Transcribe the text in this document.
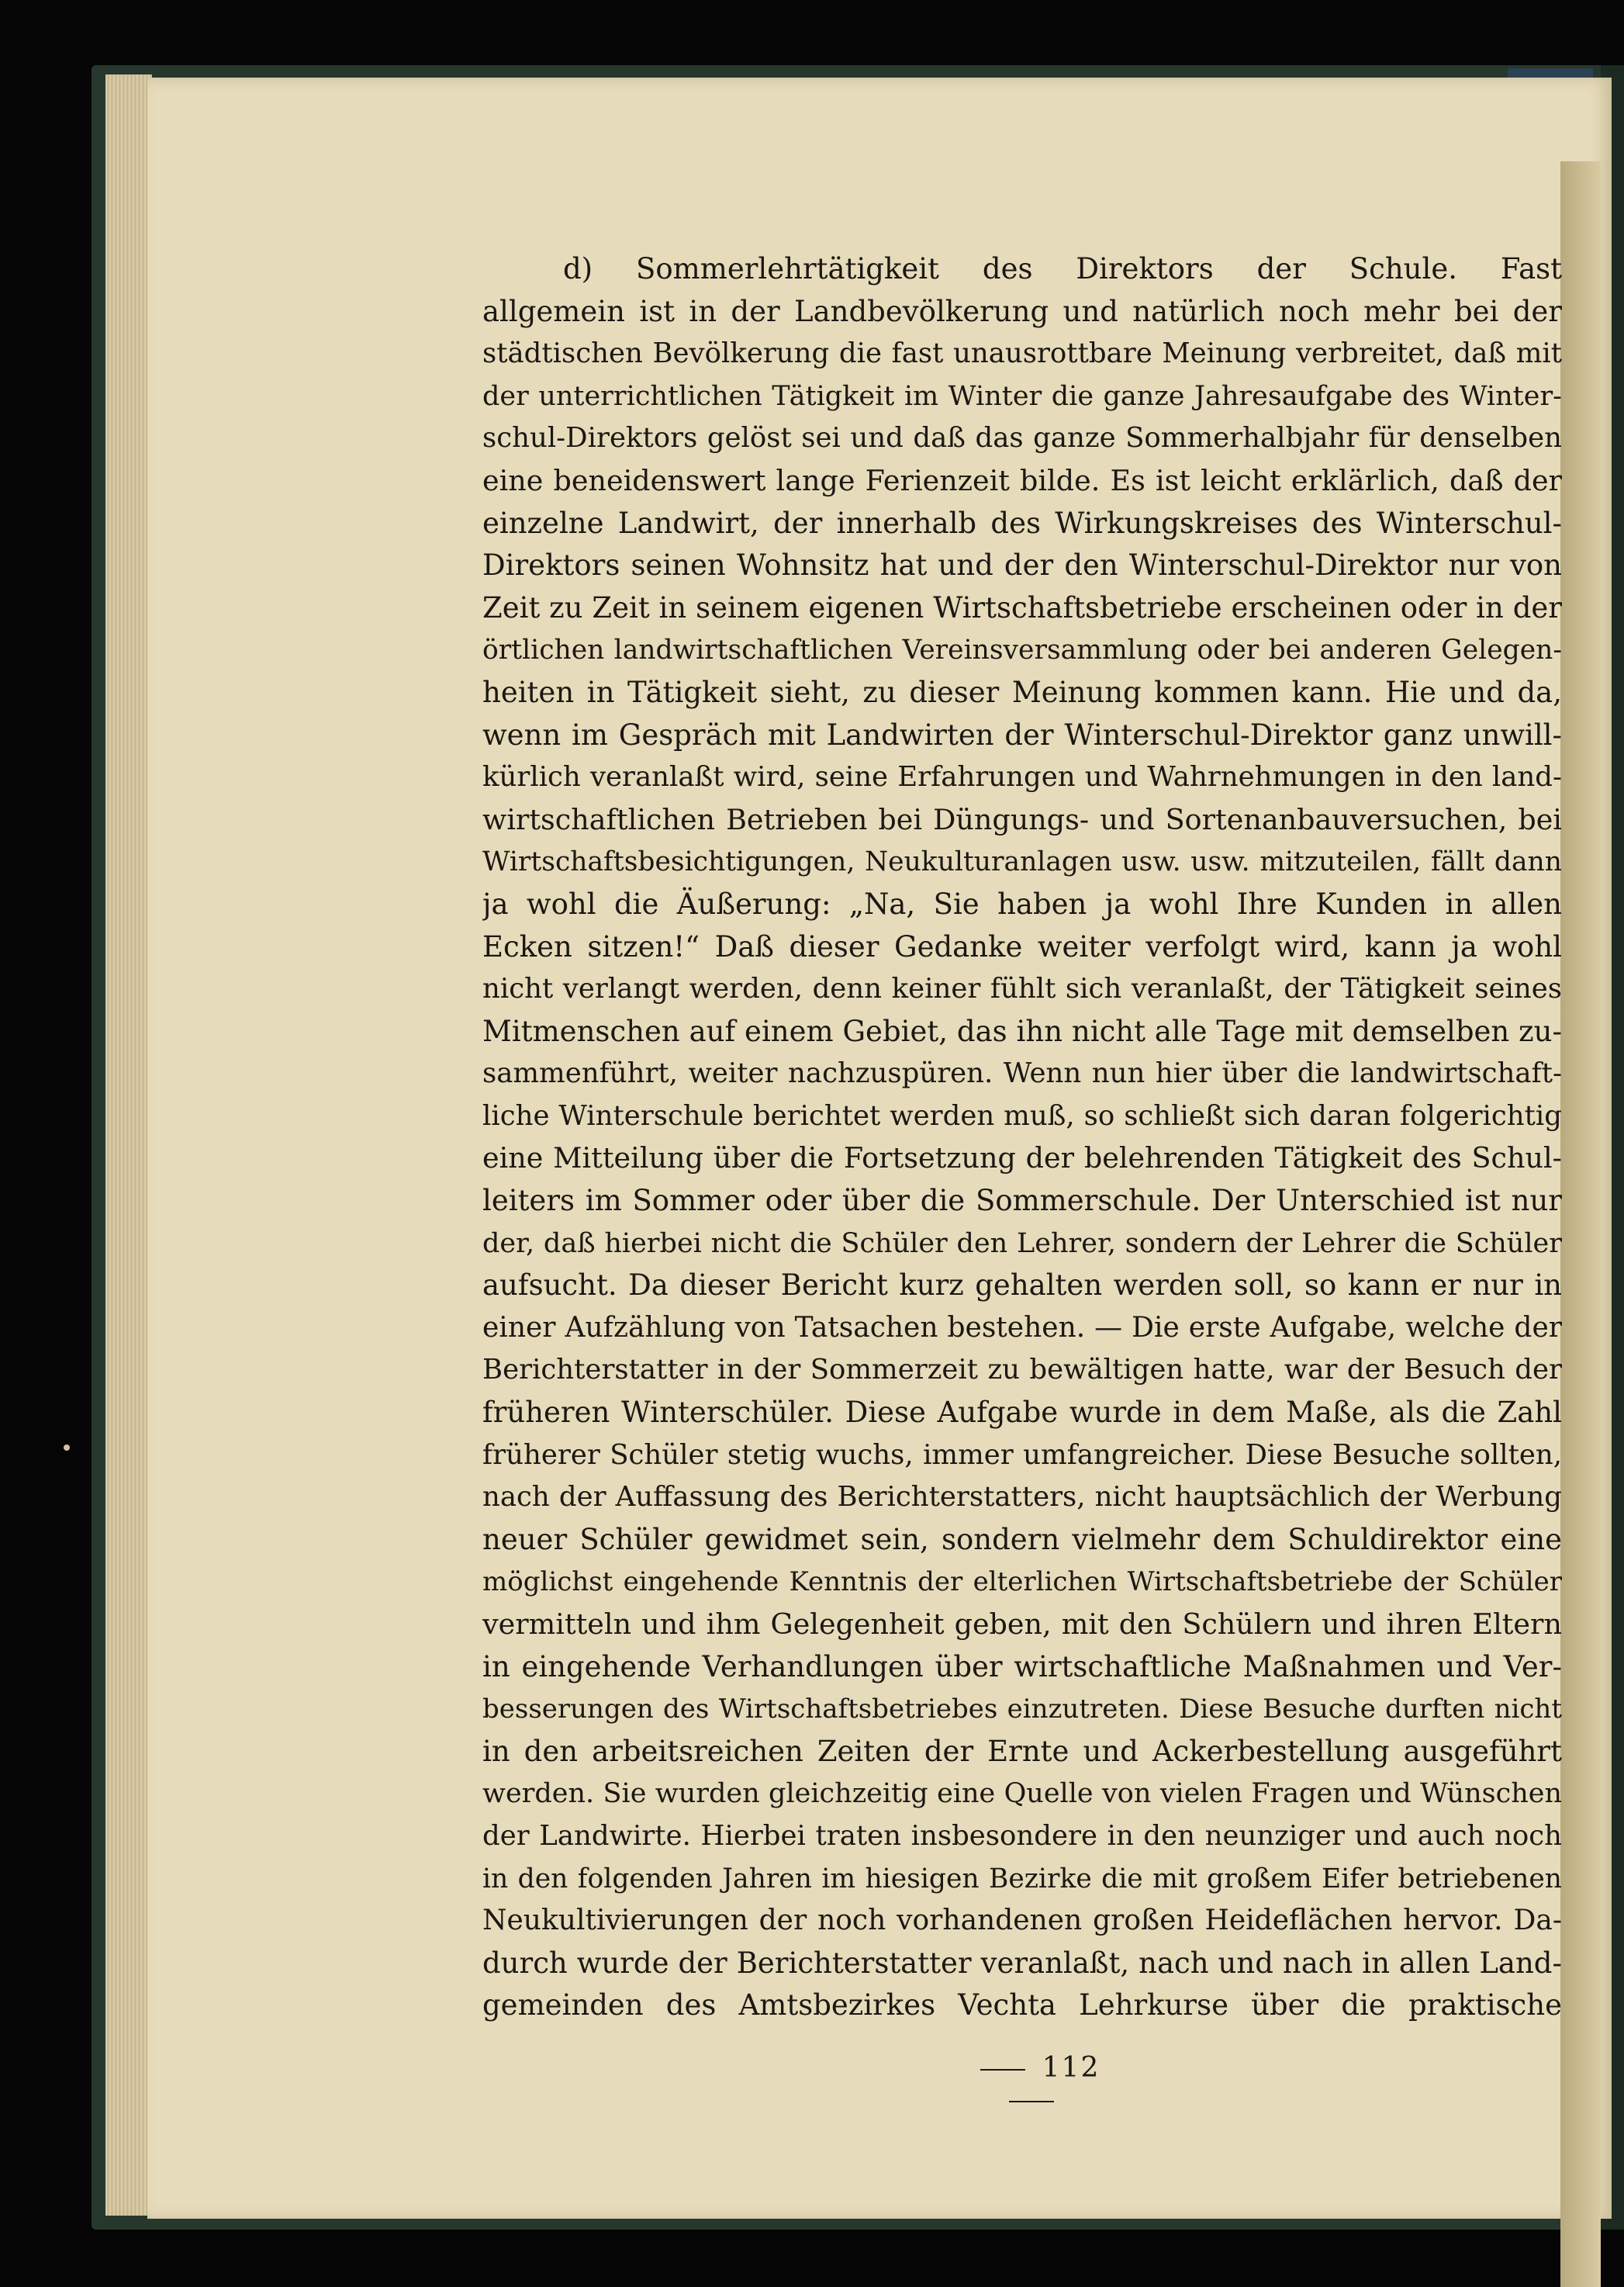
d) Sommerlehrtätigkeit des Direktors der Schule. Fast
allgemein ist in der Landbevölkerung und natürlich noch mehr bei der
städtischen Bevölkerung die fast unausrottbare Meinung verbreitet, daß mit
der unterrichtlichen Tätigkeit im Winter die ganze Jahresaufgabe des Winter-
schul-Direktors gelöst sei und daß das ganze Sommerhalbjahr für denselben
eine beneidenswert lange Ferienzeit bilde. Es ist leicht erklärlich, daß der
einzelne Landwirt, der innerhalb des Wirkungskreises des Winterschul-
Direktors seinen Wohnsitz hat und der den Winterschul-Direktor nur von
Zeit zu Zeit in seinem eigenen Wirtschaftsbetriebe erscheinen oder in der
örtlichen landwirtschaftlichen Vereinsversammlung oder bei anderen Gelegen-
heiten in Tätigkeit sieht, zu dieser Meinung kommen kann. Hie und da,
wenn im Gespräch mit Landwirten der Winterschul-Direktor ganz unwill-
kürlich veranlaßt wird, seine Erfahrungen und Wahrnehmungen in den land-
wirtschaftlichen Betrieben bei Düngungs- und Sortenanbauversuchen, bei
Wirtschaftsbesichtigungen, Neukulturanlagen usw. usw. mitzuteilen, fällt dann
ja wohl die Äußerung: „Na, Sie haben ja wohl Ihre Kunden in allen
Ecken sitzen!“ Daß dieser Gedanke weiter verfolgt wird, kann ja wohl
nicht verlangt werden, denn keiner fühlt sich veranlaßt, der Tätigkeit seines
Mitmenschen auf einem Gebiet, das ihn nicht alle Tage mit demselben zu-
sammenführt, weiter nachzuspüren. Wenn nun hier über die landwirtschaft-
liche Winterschule berichtet werden muß, so schließt sich daran folgerichtig
eine Mitteilung über die Fortsetzung der belehrenden Tätigkeit des Schul-
leiters im Sommer oder über die Sommerschule. Der Unterschied ist nur
der, daß hierbei nicht die Schüler den Lehrer, sondern der Lehrer die Schüler
aufsucht. Da dieser Bericht kurz gehalten werden soll, so kann er nur in
einer Aufzählung von Tatsachen bestehen. — Die erste Aufgabe, welche der
Berichterstatter in der Sommerzeit zu bewältigen hatte, war der Besuch der
früheren Winterschüler. Diese Aufgabe wurde in dem Maße, als die Zahl
früherer Schüler stetig wuchs, immer umfangreicher. Diese Besuche sollten,
nach der Auffassung des Berichterstatters, nicht hauptsächlich der Werbung
neuer Schüler gewidmet sein, sondern vielmehr dem Schuldirektor eine
möglichst eingehende Kenntnis der elterlichen Wirtschaftsbetriebe der Schüler
vermitteln und ihm Gelegenheit geben, mit den Schülern und ihren Eltern
in eingehende Verhandlungen über wirtschaftliche Maßnahmen und Ver-
besserungen des Wirtschaftsbetriebes einzutreten. Diese Besuche durften nicht
in den arbeitsreichen Zeiten der Ernte und Ackerbestellung ausgeführt
werden. Sie wurden gleichzeitig eine Quelle von vielen Fragen und Wünschen
der Landwirte. Hierbei traten insbesondere in den neunziger und auch noch
in den folgenden Jahren im hiesigen Bezirke die mit großem Eifer betriebenen
Neukultivierungen der noch vorhandenen großen Heideflächen hervor. Da-
durch wurde der Berichterstatter veranlaßt, nach und nach in allen Land-
gemeinden des Amtsbezirkes Vechta Lehrkurse über die praktische
112
